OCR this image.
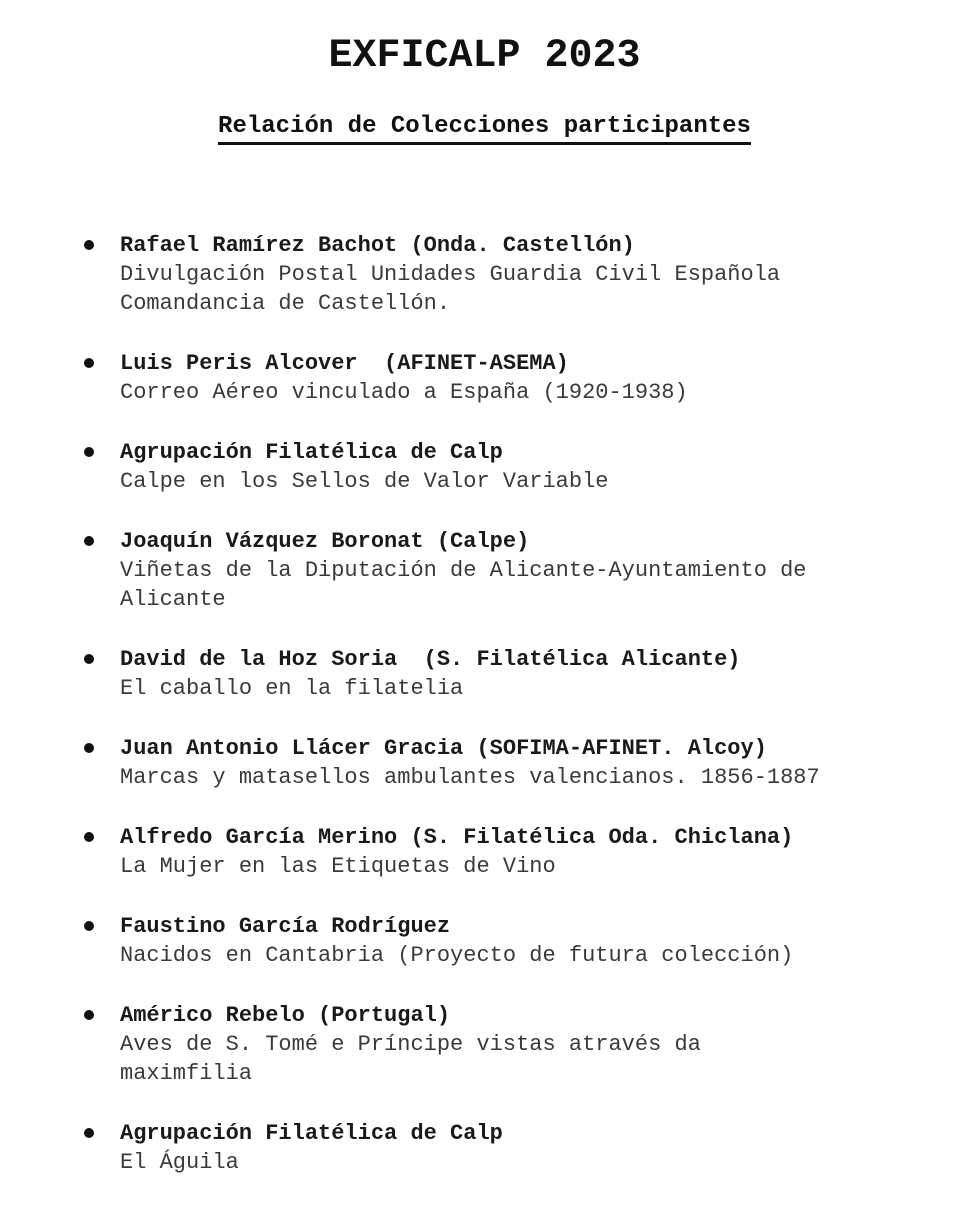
EXFICALP 2023
Relación de Colecciones participantes
Rafael Ramírez Bachot (Onda. Castellón)
Divulgación Postal Unidades Guardia Civil Española
Comandancia de Castellón.
Luis Peris Alcover  (AFINET-ASEMA)
Correo Aéreo vinculado a España (1920-1938)
Agrupación Filatélica de Calp
Calpe en los Sellos de Valor Variable
Joaquín Vázquez Boronat (Calpe)
Viñetas de la Diputación de Alicante-Ayuntamiento de
Alicante
David de la Hoz Soria  (S. Filatélica Alicante)
El caballo en la filatelia
Juan Antonio Llácer Gracia (SOFIMA-AFINET. Alcoy)
Marcas y matasellos ambulantes valencianos. 1856-1887
Alfredo García Merino (S. Filatélica Oda. Chiclana)
La Mujer en las Etiquetas de Vino
Faustino García Rodríguez
Nacidos en Cantabria (Proyecto de futura colección)
Américo Rebelo (Portugal)
Aves de S. Tomé e Príncipe vistas através da
maximfilia
Agrupación Filatélica de Calp
El Águila
